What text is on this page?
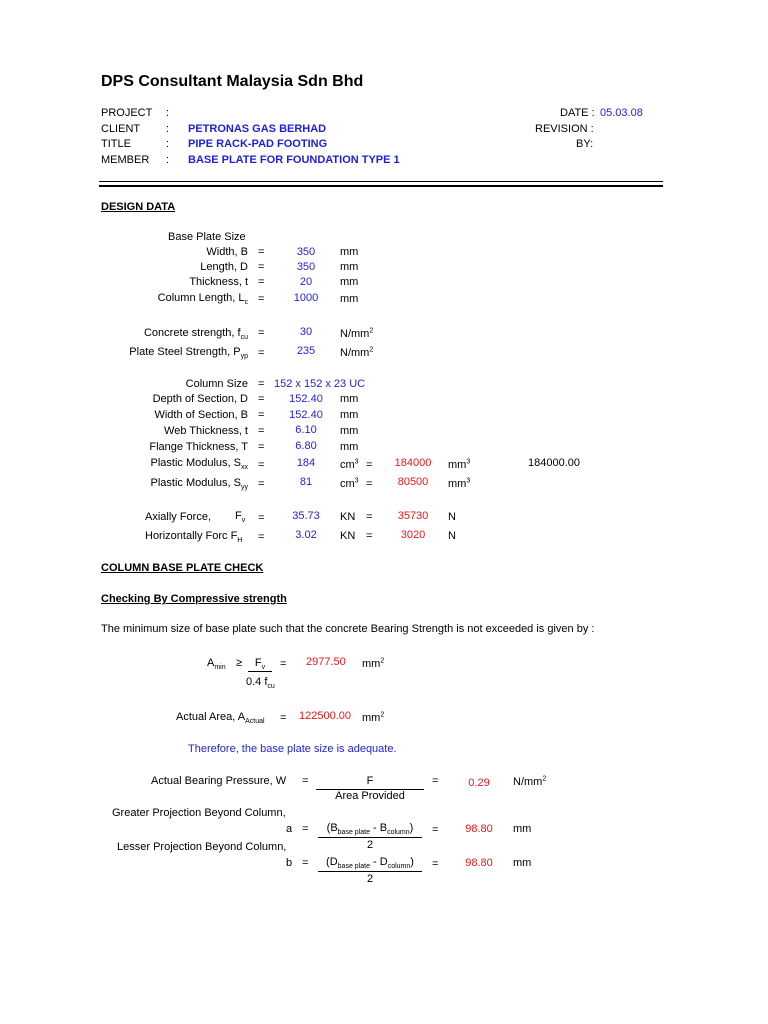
DPS Consultant Malaysia Sdn Bhd
PROJECT :
CLIENT : PETRONAS GAS BERHAD
TITLE	: PIPE RACK-PAD FOOTING
MEMBER : BASE PLATE FOR FOUNDATION TYPE 1
DATE : 05.03.08
REVISION :
BY:
DESIGN DATA
Base Plate Size
Width, B =	350	mm
Length, D =	350	mm
Thickness, t =	20	mm
Column Length, $L_c$ =	1000	mm
Concrete strength, $f_{cu}$ =	30	$N/mm^2$
Plate Steel Strength, $P_{yp}$ =	235	$N/mm^2$
Column Size = 152 x 152 x 23 UC
Depth of Section, D =	152.40	mm
Width of Section, B =	152.40	mm
Web Thickness, t =	6.10	mm
Flange Thickness, T =	6.80	mm
Plastic Modulus, $S_{xx}$ =	184	$cm^3$ =	184000	$mm^3$	184000.00
Plastic Modulus, $S_{yy}$ =	81	$cm^3$ =	80500	$mm^3$
Axially Force, $F_v$ =	35.73	KN =	35730	N
Horizontally Forc $F_H$ =	3.02	KN =	3020	N
COLUMN BASE PLATE CHECK
Checking By Compressive strength
The minimum size of base plate such that the concrete Bearing Strength is not exceeded is given by :
$A_{min}$ ≥	$F_v$
0.4 $f_{cu}$
= 2977.50 $mm^2$
Actual Area, $A_{Actual} = 122500.00$ $mm^2$
Therefore, the base plate size is adequate.
Actual Bearing Pressure, W =	F
Area Provided
=	0.29	$N/mm^2$
Greater Projection Beyond Column,
a =	$(B_{base plate} - B_{column})$
2
=	98.80	mm
Lesser Projection Beyond Column,
b =	$(D_{base plate} - D_{column})$
2
=	98.80	mm
